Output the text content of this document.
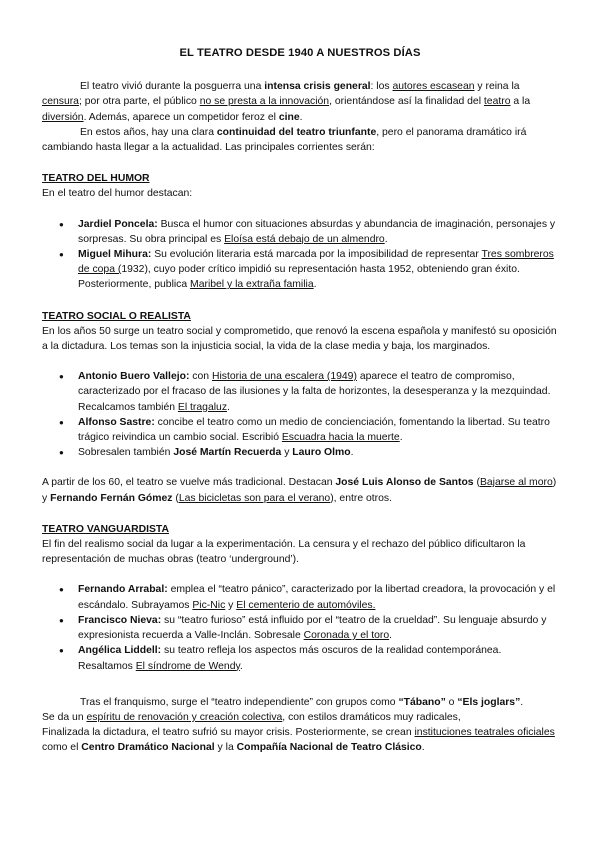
EL TEATRO DESDE 1940 A NUESTROS DÍAS

El teatro vivió durante la posguerra una intensa crisis general: los autores escasean y reina la censura; por otra parte, el público no se presta a la innovación, orientándose así la finalidad del teatro a la diversión. Además, aparece un competidor feroz el cine.

En estos años, hay una clara continuidad del teatro triunfante, pero el panorama dramático irá cambiando hasta llegar a la actualidad. Las principales corrientes serán:

TEATRO DEL HUMOR

En el teatro del humor destacan:

● Jardiel Poncela: Busca el humor con situaciones absurdas y abundancia de imaginación, personajes y sorpresas. Su obra principal es Eloísa está debajo de un almendro.
● Miguel Mihura: Su evolución literaria está marcada por la imposibilidad de representar Tres sombreros de copa (1932), cuyo poder crítico impidió su representación hasta 1952, obteniendo gran éxito. Posteriormente, publica Maribel y la extraña familia.

TEATRO SOCIAL O REALISTA

En los años 50 surge un teatro social y comprometido, que renovó la escena española y manifestó su oposición a la dictadura. Los temas son la injusticia social, la vida de la clase media y baja, los marginados.

● Antonio Buero Vallejo: con Historia de una escalera (1949) aparece el teatro de compromiso, caracterizado por el fracaso de las ilusiones y la falta de horizontes, la desesperanza y la mezquindad. Recalcamos también El tragaluz.
● Alfonso Sastre: concibe el teatro como un medio de concienciación, fomentando la libertad. Su teatro trágico reivindica un cambio social. Escribió Escuadra hacia la muerte.
● Sobresalen también José Martín Recuerda y Lauro Olmo.

A partir de los 60, el teatro se vuelve más tradicional. Destacan José Luis Alonso de Santos (Bajarse al moro) y Fernando Fernán Gómez (Las bicicletas son para el verano), entre otros.

TEATRO VANGUARDISTA

El fin del realismo social da lugar a la experimentación. La censura y el rechazo del público dificultaron la representación de muchas obras (teatro ‘underground’).

● Fernando Arrabal: emplea el “teatro pánico”, caracterizado por la libertad creadora, la provocación y el escándalo. Subrayamos Pic-Nic y El cementerio de automóviles.
● Francisco Nieva: su “teatro furioso” está influido por el “teatro de la crueldad”. Su lenguaje absurdo y expresionista recuerda a Valle-Inclán. Sobresale Coronada y el toro.
● Angélica Liddell: su teatro refleja los aspectos más oscuros de la realidad contemporánea. Resaltamos El síndrome de Wendy.

Tras el franquismo, surge el “teatro independiente” con grupos como “Tábano” o “Els joglars”.

Se da un espíritu de renovación y creación colectiva, con estilos dramáticos muy radicales,

Finalizada la dictadura, el teatro sufrió su mayor crisis. Posteriormente, se crean instituciones teatrales oficiales como el Centro Dramático Nacional y la Compañía Nacional de Teatro Clásico.
